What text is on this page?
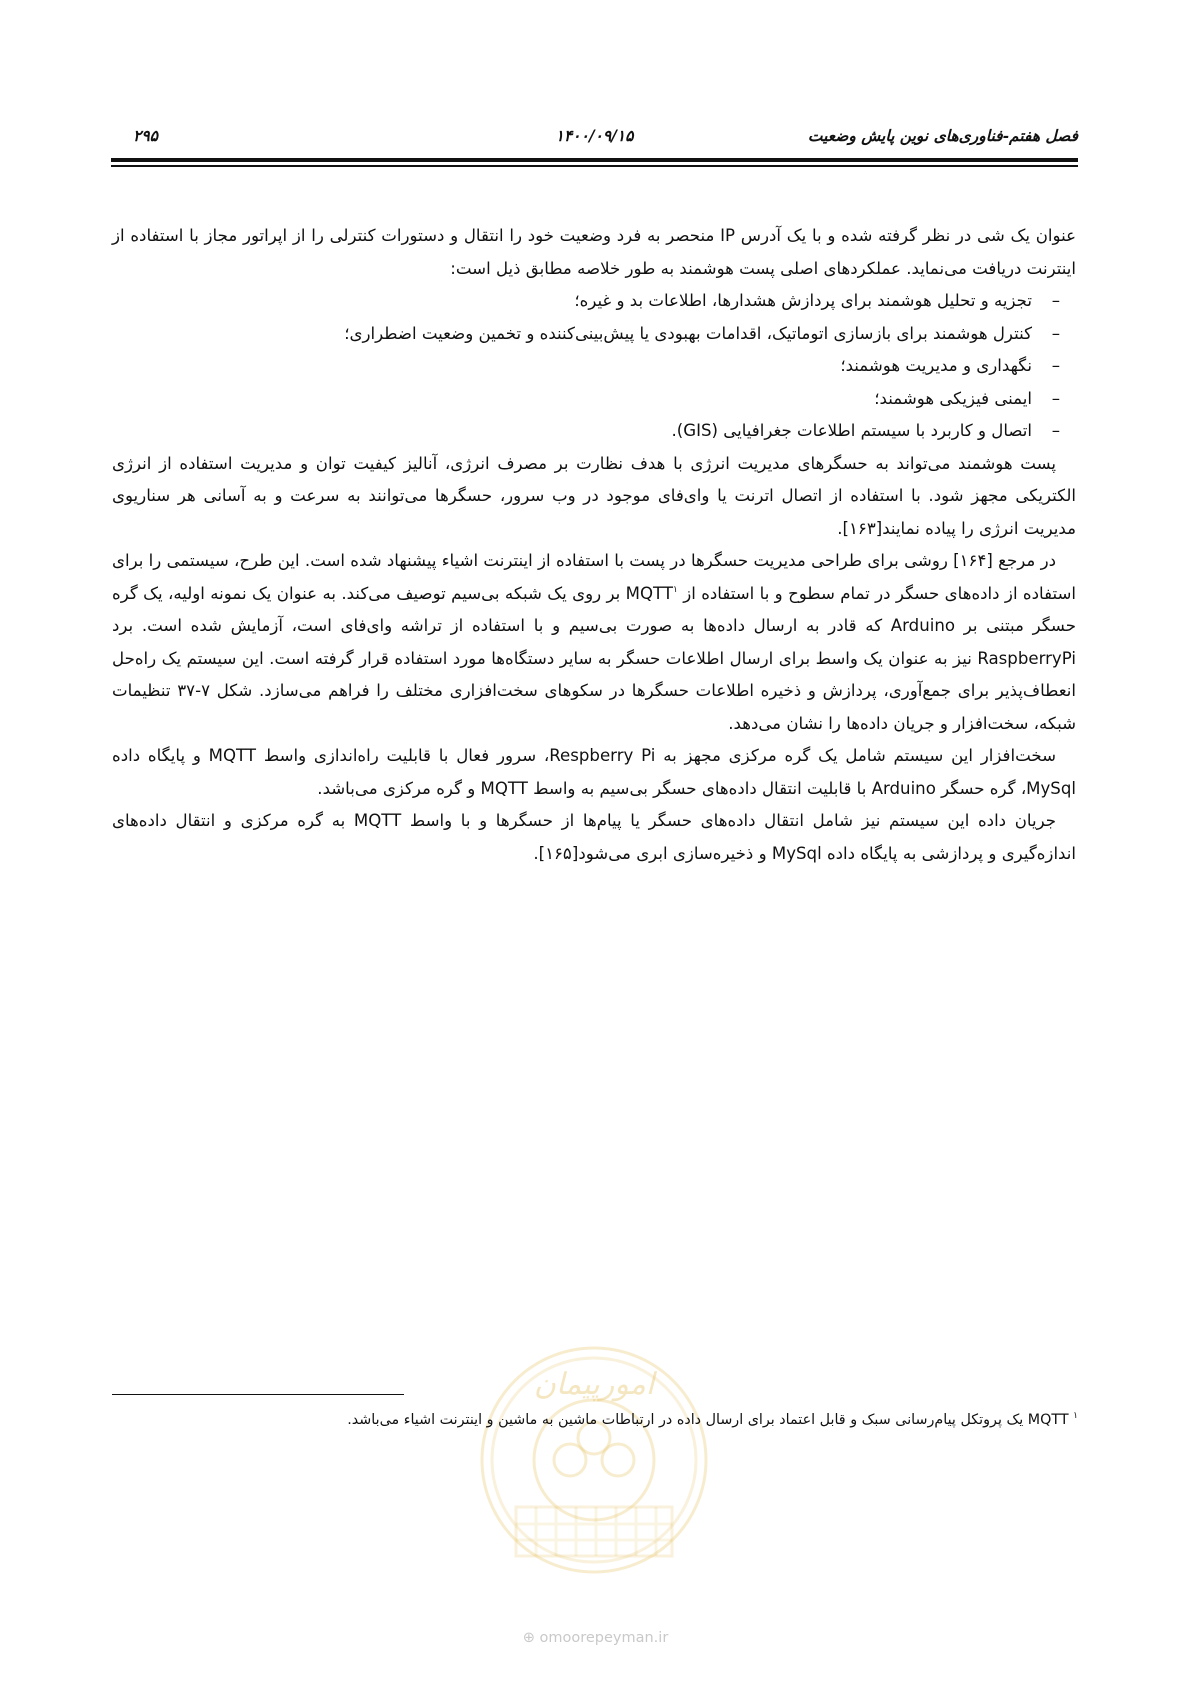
فصل هفتم-فناوری‌های نوین پایش وضعیت
۱۴۰۰/۰۹/۱۵
۲۹۵

عنوان یک شی در نظر گرفته شده و با یک آدرس IP منحصر به فرد وضعیت خود را انتقال و دستورات کنترلی را از اپراتور مجاز با استفاده از اینترنت دریافت می‌نماید. عملکردهای اصلی پست هوشمند به طور خلاصه مطابق ذیل است:

–
تجزیه و تحلیل هوشمند برای پردازش هشدارها، اطلاعات بد و غیره؛
–
کنترل هوشمند برای بازسازی اتوماتیک، اقدامات بهبودی یا پیش‌بینی‌کننده و تخمین وضعیت اضطراری؛
–
نگهداری و مدیریت هوشمند؛
–
ایمنی فیزیکی هوشمند؛
–
اتصال و کاربرد با سیستم اطلاعات جغرافیایی (GIS).

پست هوشمند می‌تواند به حسگرهای مدیریت انرژی با هدف نظارت بر مصرف انرژی، آنالیز کیفیت توان و مدیریت استفاده از انرژی الکتریکی مجهز شود. با استفاده از اتصال اترنت یا وای‌فای موجود در وب سرور، حسگرها می‌توانند به سرعت و به آسانی هر سناریوی مدیریت انرژی را پیاده نمایند[۱۶۳].

در مرجع [۱۶۴] روشی برای طراحی مدیریت حسگرها در پست با استفاده از اینترنت اشیاء پیشنهاد شده است. این طرح، سیستمی را برای استفاده از داده‌های حسگر در تمام سطوح و با استفاده از MQTT$^۱$ بر روی یک شبکه بی‌سیم توصیف می‌کند. به عنوان یک نمونه اولیه، یک گره حسگر مبتنی بر Arduino که قادر به ارسال داده‌ها به صورت بی‌سیم و با استفاده از تراشه وای‌فای است، آزمایش شده است. برد RaspberryPi نیز به عنوان یک واسط برای ارسال اطلاعات حسگر به سایر دستگاه‌ها مورد استفاده قرار گرفته است. این سیستم یک راه‌حل انعطاف‌پذیر برای جمع‌آوری، پردازش و ذخیره اطلاعات حسگرها در سکوهای سخت‌افزاری مختلف را فراهم می‌سازد. شکل ۷-۳۷ تنظیمات شبکه، سخت‌افزار و جریان داده‌ها را نشان می‌دهد.

سخت‌افزار این سیستم شامل یک گره مرکزی مجهز به Respberry Pi، سرور فعال با قابلیت راه‌اندازی واسط MQTT و پایگاه داده MySql، گره حسگر Arduino با قابلیت انتقال داده‌های حسگر بی‌سیم به واسط MQTT و گره مرکزی می‌باشد.

جریان داده این سیستم نیز شامل انتقال داده‌های حسگر یا پیام‌ها از حسگرها و با واسط MQTT به گره مرکزی و انتقال داده‌های اندازه‌گیری و پردازشی به پایگاه داده MySql و ذخیره‌سازی ابری می‌شود[۱۶۵].

امورپیمان
$^۱$ MQTT یک پروتکل پیام‌رسانی سبک و قابل اعتماد برای ارسال داده در ارتباطات ماشین به ماشین و اینترنت اشیاء می‌باشد.
⊕ omoorepeyman.ir
